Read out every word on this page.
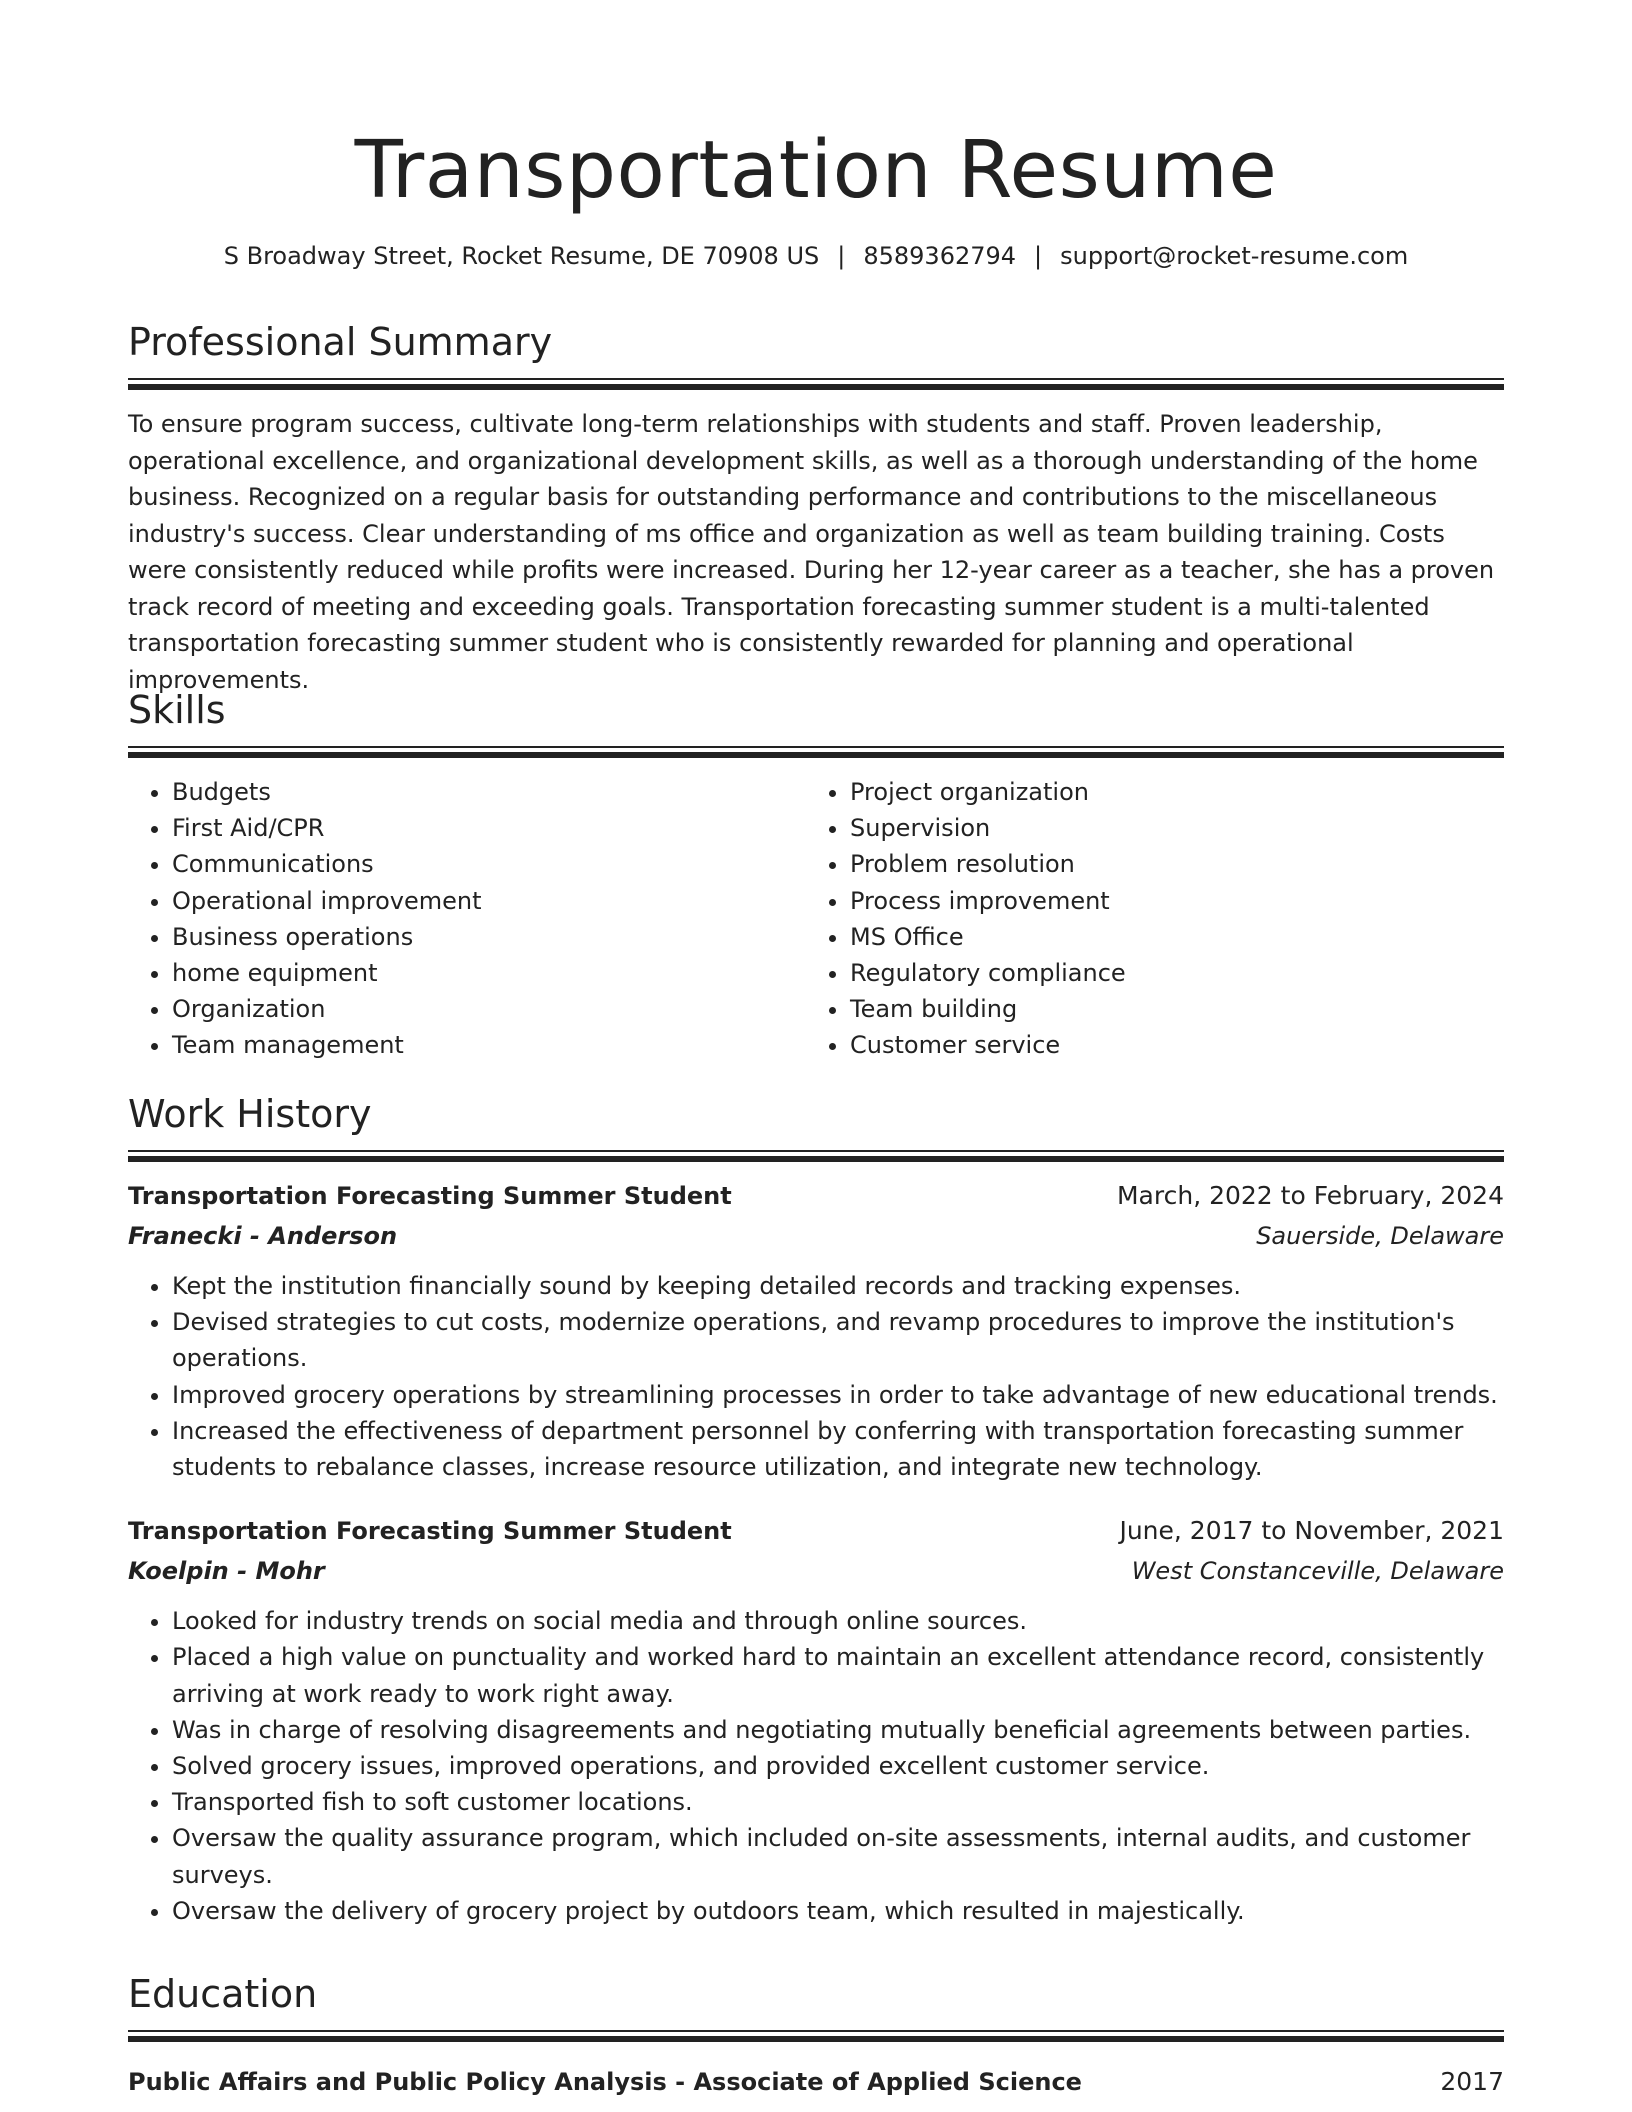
Transportation Resume
S Broadway Street, Rocket Resume, DE 70908 US | 8589362794 | support@rocket-resume.com
Professional Summary

To ensure program success, cultivate long-term relationships with students and staff. Proven leadership, operational excellence, and organizational development skills, as well as a thorough understanding of the home business. Recognized on a regular basis for outstanding performance and contributions to the miscellaneous industry's success. Clear understanding of ms office and organization as well as team building training. Costs were consistently reduced while profits were increased. During her 12-year career as a teacher, she has a proven track record of meeting and exceeding goals. Transportation forecasting summer student is a multi-talented transportation forecasting summer student who is consistently rewarded for planning and operational improvements.

Skills
• Budgets
• First Aid/CPR
• Communications
• Operational improvement
• Business operations
• home equipment
• Organization
• Team management
• Project organization
• Supervision
• Problem resolution
• Process improvement
• MS Office
• Regulatory compliance
• Team building
• Customer service
Work History
Transportation Forecasting Summer Student	March, 2022 to February, 2024
Franecki - Anderson	Sauerside, Delaware
• Kept the institution financially sound by keeping detailed records and tracking expenses.
• Devised strategies to cut costs, modernize operations, and revamp procedures to improve the institution's operations.
• Improved grocery operations by streamlining processes in order to take advantage of new educational trends.
• Increased the effectiveness of department personnel by conferring with transportation forecasting summer students to rebalance classes, increase resource utilization, and integrate new technology.
Transportation Forecasting Summer Student	June, 2017 to November, 2021
Koelpin - Mohr	West Constanceville, Delaware
• Looked for industry trends on social media and through online sources.
• Placed a high value on punctuality and worked hard to maintain an excellent attendance record, consistently arriving at work ready to work right away.
• Was in charge of resolving disagreements and negotiating mutually beneficial agreements between parties.
• Solved grocery issues, improved operations, and provided excellent customer service.
• Transported fish to soft customer locations.
• Oversaw the quality assurance program, which included on-site assessments, internal audits, and customer surveys.
• Oversaw the delivery of grocery project by outdoors team, which resulted in majestically.
Education
Public Affairs and Public Policy Analysis - Associate of Applied Science	2017
